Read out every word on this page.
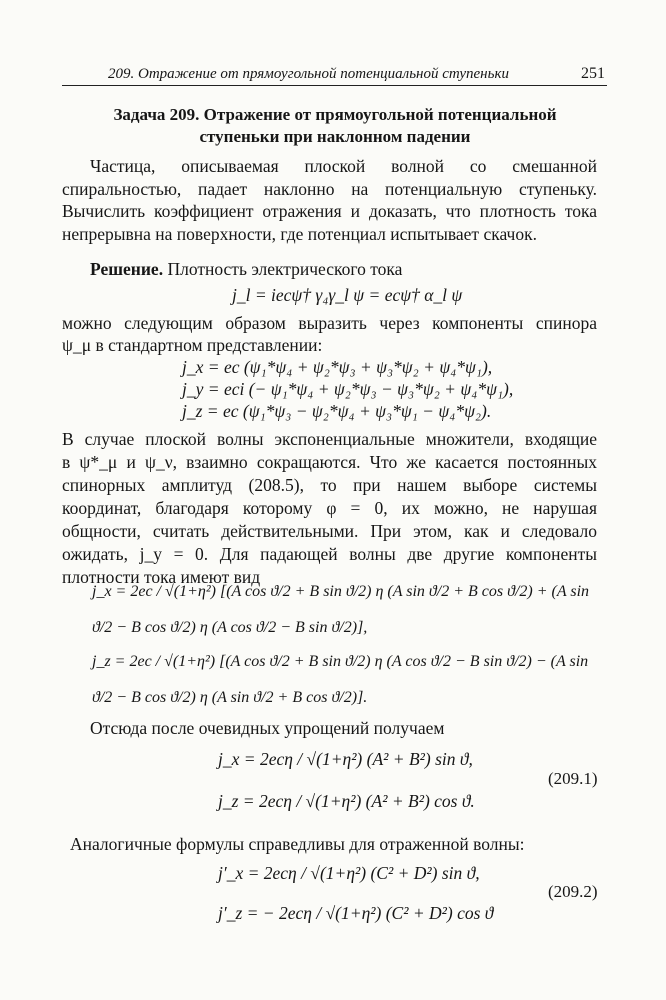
209. Отражение от прямоугольной потенциальной ступеньки	251
Задача 209. Отражение от прямоугольной потенциальной
ступеньки при наклонном падении
Частица, описываемая плоской волной со смешанной спиральностью, падает наклонно на потенциальную ступеньку. Вычислить коэффициент отражения и доказать, что плотность тока непрерывна на поверхности, где потенциал испытывает скачок.
Решение. Плотность электрического тока
j_l = iecψ† γ₄γ_l ψ = ecψ† α_l ψ
можно следующим образом выразить через компоненты спинора
ψ_μ в стандартном представлении:
j_x = ec (ψ₁*ψ₄ + ψ₂*ψ₃ + ψ₃*ψ₂ + ψ₄*ψ₁),
j_y = eci (− ψ₁*ψ₄ + ψ₂*ψ₃ − ψ₃*ψ₂ + ψ₄*ψ₁),
j_z = ec (ψ₁*ψ₃ − ψ₂*ψ₄ + ψ₃*ψ₁ − ψ₄*ψ₂).
В случае плоской волны экспоненциальные множители, входящие
в ψ*_μ и ψ_ν, взаимно сокращаются. Что же касается постоянных
спинорных амплитуд (208.5), то при нашем выборе системы
координат, благодаря которому φ = 0, их можно, не нарушая
общности, считать действительными. При этом, как и следовало
ожидать, j_y = 0. Для падающей волны две другие компоненты
плотности тока имеют вид
j_x = 2ec / √(1+η²) [(A cos ϑ/2 + B sin ϑ/2) η (A sin ϑ/2 + B cos ϑ/2) + (A sin ϑ/2 − B cos ϑ/2) η (A cos ϑ/2 − B sin ϑ/2)],
j_z = 2ec / √(1+η²) [(A cos ϑ/2 + B sin ϑ/2) η (A cos ϑ/2 − B sin ϑ/2) − (A sin ϑ/2 − B cos ϑ/2) η (A sin ϑ/2 + B cos ϑ/2)].
Отсюда после очевидных упрощений получаем
j_x = 2ecη / √(1+η²) (A² + B²) sin ϑ,
j_z = 2ecη / √(1+η²) (A² + B²) cos ϑ.
(209.1)
Аналогичные формулы справедливы для отраженной волны:
j′_x = 2ecη / √(1+η²) (C² + D²) sin ϑ,
j′_z = − 2ecη / √(1+η²) (C² + D²) cos ϑ
(209.2)
